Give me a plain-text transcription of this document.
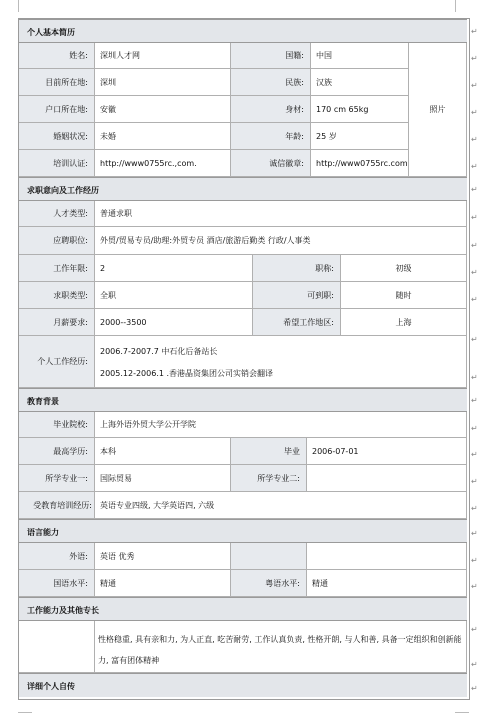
个人基本简历
姓名:	深圳人才网	国籍:	中国
目前所在地:	深圳	民族:	汉族
户口所在地:	安徽	身材:	170 cm 65kg
婚姻状况:	未婚	年龄:	25 岁
培训认证:	http://www0755rc.,com.	诚信徽章:	http://www0755rc.com
照片
求职意向及工作经历
人才类型:	普通求职
应聘职位:	外贸/贸易专员/助理:外贸专员 酒店/旅游后勤类 行政/人事类
工作年限:	2	职称:	初级
求职类型:	全职	可到职:	随时
月薪要求:	2000--3500	希望工作地区:	上海
个人工作经历:
2006.7-2007.7 中石化后备站长
2005.12-2006.1 .香港晶资集团公司实销会翻译
教育背景
毕业院校:	上海外语外贸大学公开学院
最高学历:	本科	毕业	2006-07-01
所学专业一:	国际贸易	所学专业二:
受教育培训经历:	英语专业四级, 大学英语四, 六级
语言能力
外语:	英语 优秀
国语水平:	精通	粤语水平:	精通
工作能力及其他专长
性格稳重, 具有亲和力, 为人正直, 吃苦耐劳, 工作认真负责, 性格开朗, 与人和善, 具备一定组织和创新能力, 富有团体精神
详细个人自传
↵
↵
↵
↵
↵
↵
↵
↵
↵
↵
↵
↵
↵
↵
↵
↵
↵
↵
↵
↵
↵
↵
↵
↵
